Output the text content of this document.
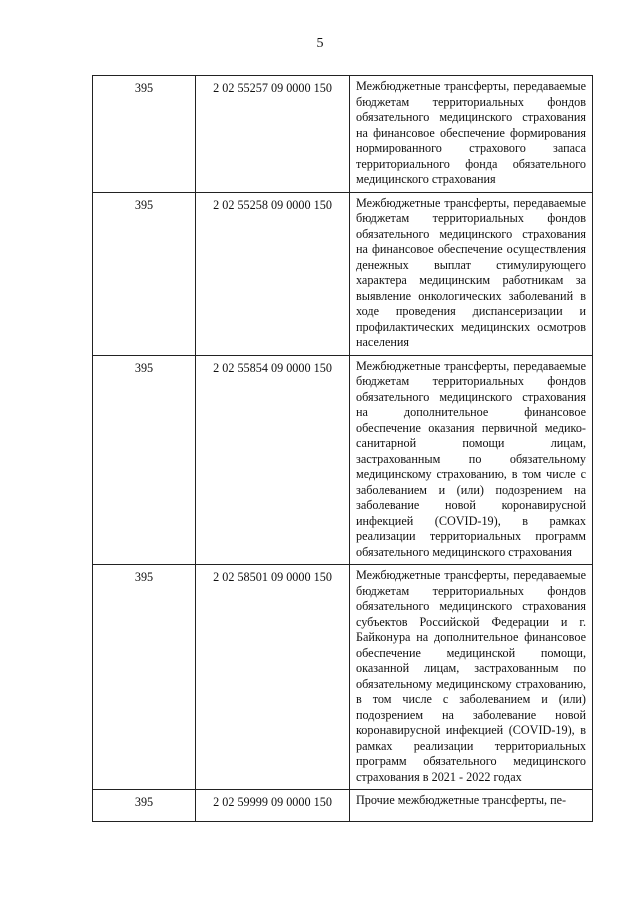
5
395	2 02 55257 09 0000 150	Межбюджетные трансферты, передаваемые бюджетам территориальных фондов обязательного медицинского страхования на финансовое обеспечение формирования нормированного страхового запаса территориального фонда обязательного медицинского страхования
395	2 02 55258 09 0000 150	Межбюджетные трансферты, передаваемые бюджетам территориальных фондов обязательного медицинского страхования на финансовое обеспечение осуществления денежных выплат стимулирующего характера медицинским работникам за выявление онкологических заболеваний в ходе проведения диспансеризации и профилактических медицинских осмотров населения
395	2 02 55854 09 0000 150	Межбюджетные трансферты, передаваемые бюджетам территориальных фондов обязательного медицинского страхования на дополнительное финансовое обеспечение оказания первичной медико-санитарной помощи лицам, застрахованным по обязательному медицинскому страхованию, в том числе с заболеванием и (или) подозрением на заболевание новой коронавирусной инфекцией (COVID-19), в рамках реализации территориальных программ обязательного медицинского страхования
395	2 02 58501 09 0000 150	Межбюджетные трансферты, передаваемые бюджетам территориальных фондов обязательного медицинского страхования субъектов Российской Федерации и г. Байконура на дополнительное финансовое обеспечение медицинской помощи, оказанной лицам, застрахованным по обязательному медицинскому страхованию, в том числе с заболеванием и (или) подозрением на заболевание новой коронавирусной инфекцией (COVID-19), в рамках реализации территориальных программ обязательного медицинского страхования в 2021 - 2022 годах
395	2 02 59999 09 0000 150	Прочие межбюджетные трансферты, пе-
